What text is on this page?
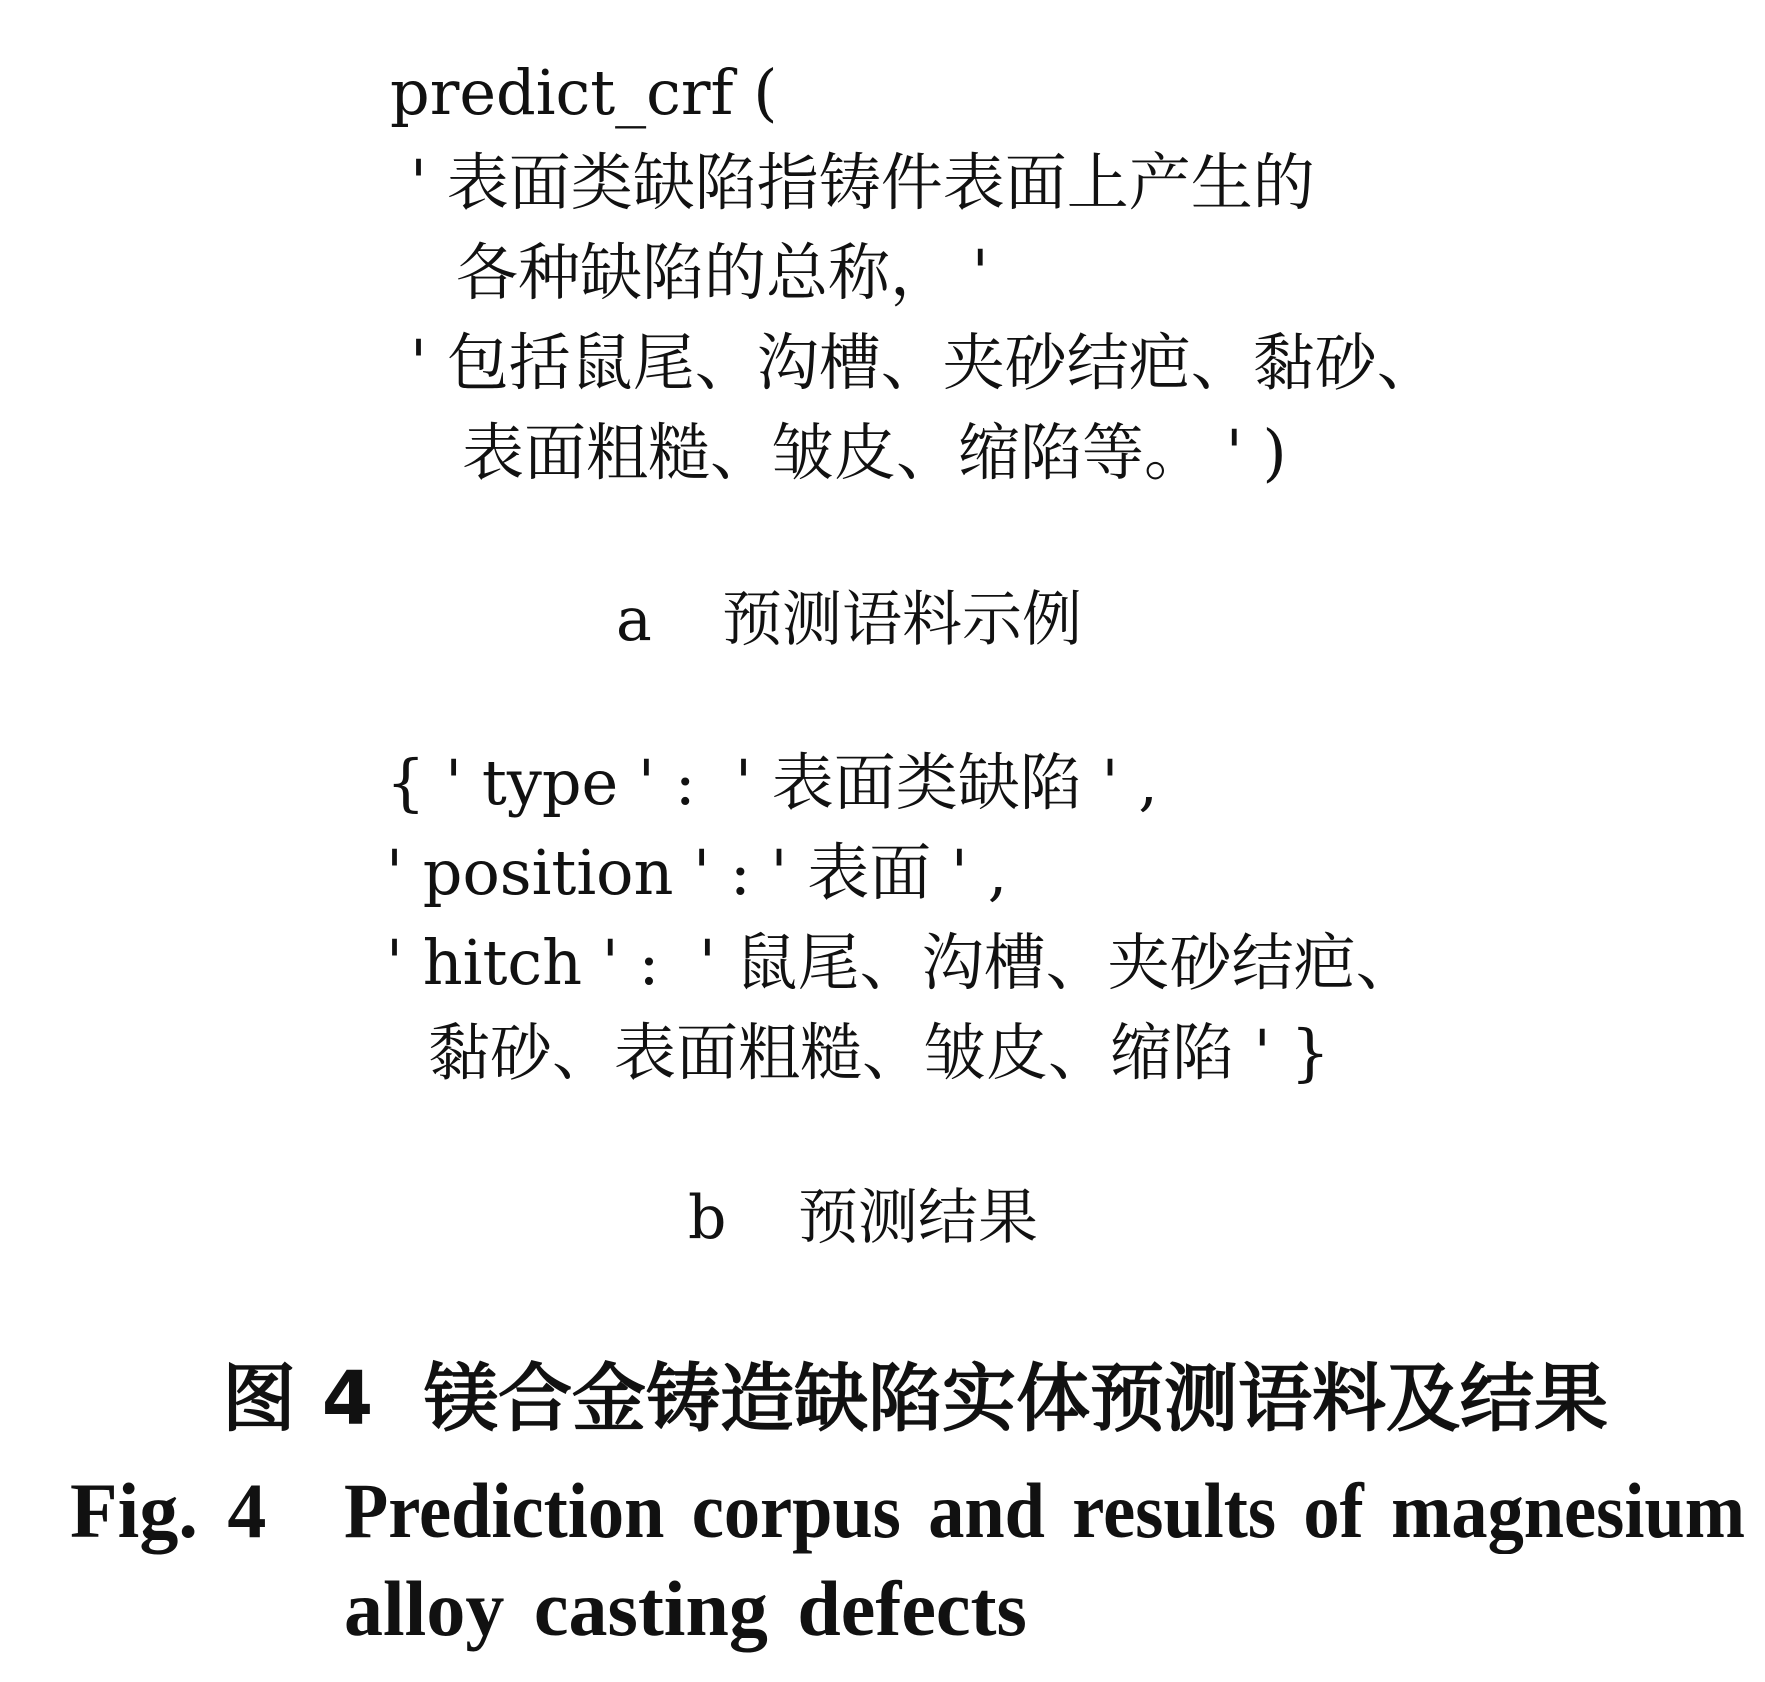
predict_crf (
' 表面类缺陷指铸件表面上产生的
各种缺陷的总称， '
' 包括鼠尾、沟槽、夹砂结疤、黏砂、
表面粗糙、皱皮、缩陷等。 ' )
a 预测语料示例
{ ' type ' :  ' 表面类缺陷 ' ,
' position ' : ' 表面 ' ,
' hitch ' :  ' 鼠尾、沟槽、夹砂结疤、
黏砂、表面粗糙、皱皮、缩陷 ' }
b 预测结果
图 4 镁合金铸造缺陷实体预测语料及结果
Fig. 4 Prediction corpus and results of magnesium
alloy casting defects
